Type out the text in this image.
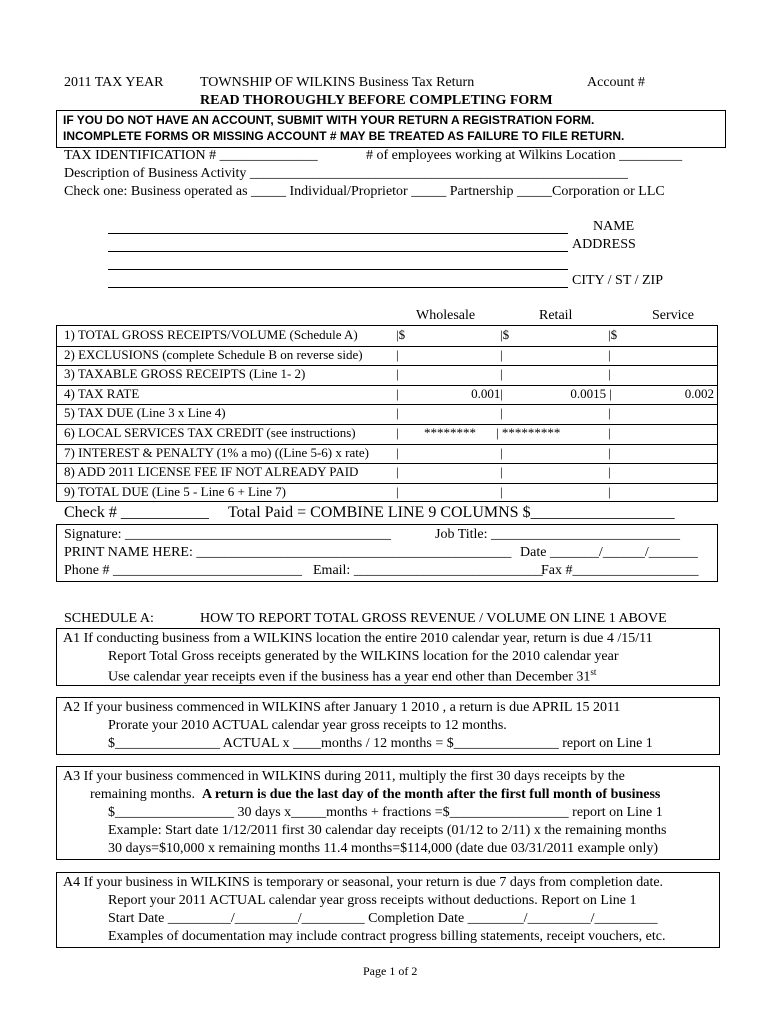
2011 TAX YEAR	TOWNSHIP OF WILKINS Business Tax Return	Account #
READ THOROUGHLY BEFORE COMPLETING FORM
IF YOU DO NOT HAVE AN ACCOUNT, SUBMIT WITH YOUR RETURN A REGISTRATION FORM.
INCOMPLETE FORMS OR MISSING ACCOUNT # MAY BE TREATED AS FAILURE TO FILE RETURN.
TAX IDENTIFICATION # ______________	# of employees working at Wilkins Location _________
Description of Business Activity ______________________________________________________
Check one: Business operated as _____ Individual/Proprietor _____ Partnership _____Corporation or LLC
NAME
ADDRESS
CITY / ST / ZIP
Wholesale	Retail	Service
1) TOTAL GROSS RECEIPTS/VOLUME (Schedule A)	|$	|$	|$
2) EXCLUSIONS (complete Schedule B on reverse side)	|	|	|
3) TAXABLE GROSS RECEIPTS (Line 1- 2)	|	|	|
4) TAX RATE	|	0.001|	0.0015 |	0.002
5) TAX DUE (Line 3 x Line 4)	|	|	|
6) LOCAL SERVICES TAX CREDIT (see instructions)	| ******** | *********	|
7) INTEREST & PENALTY (1% a mo) ((Line 5-6) x rate) |	|	|
8) ADD 2011 LICENSE FEE IF NOT ALREADY PAID	|	|	|
9) TOTAL DUE (Line 5 - Line 6 + Line 7)	|	|	|
Check # ___________ Total Paid = COMBINE LINE 9 COLUMNS $__________________
Signature: ______________________________________	Job Title: ___________________________
PRINT NAME HERE: _____________________________________________ Date _______/______/_______
Phone # ___________________________ Email: ___________________________
Fax #__________________
SCHEDULE A:	HOW TO REPORT TOTAL GROSS REVENUE / VOLUME ON LINE 1 ABOVE
A1 If conducting business from a WILKINS location the entire 2010 calendar year, return is due 4 /15/11
Report Total Gross receipts generated by the WILKINS location for the 2010 calendar year
Use calendar year receipts even if the business has a year end other than December 31st
A2 If your business commenced in WILKINS after January 1 2010 , a return is due APRIL 15 2011
Prorate your 2010 ACTUAL calendar year gross receipts to 12 months.
$_______________ ACTUAL x ____months / 12 months = $_______________ report on Line 1
A3 If your business commenced in WILKINS during 2011, multiply the first 30 days receipts by the
remaining months. A return is due the last day of the month after the first full month of business
$_________________ 30 days x_____months + fractions =$_________________ report on Line 1
Example: Start date 1/12/2011 first 30 calendar day receipts (01/12 to 2/11) x the remaining months
30 days=$10,000 x remaining months 11.4 months=$114,000 (date due 03/31/2011 example only)
A4 If your business in WILKINS is temporary or seasonal, your return is due 7 days from completion date.
Report your 2011 ACTUAL calendar year gross receipts without deductions. Report on Line 1
Start Date _________/_________/_________ Completion Date ________/_________/_________
Examples of documentation may include contract progress billing statements, receipt vouchers, etc.
Page 1 of 2
